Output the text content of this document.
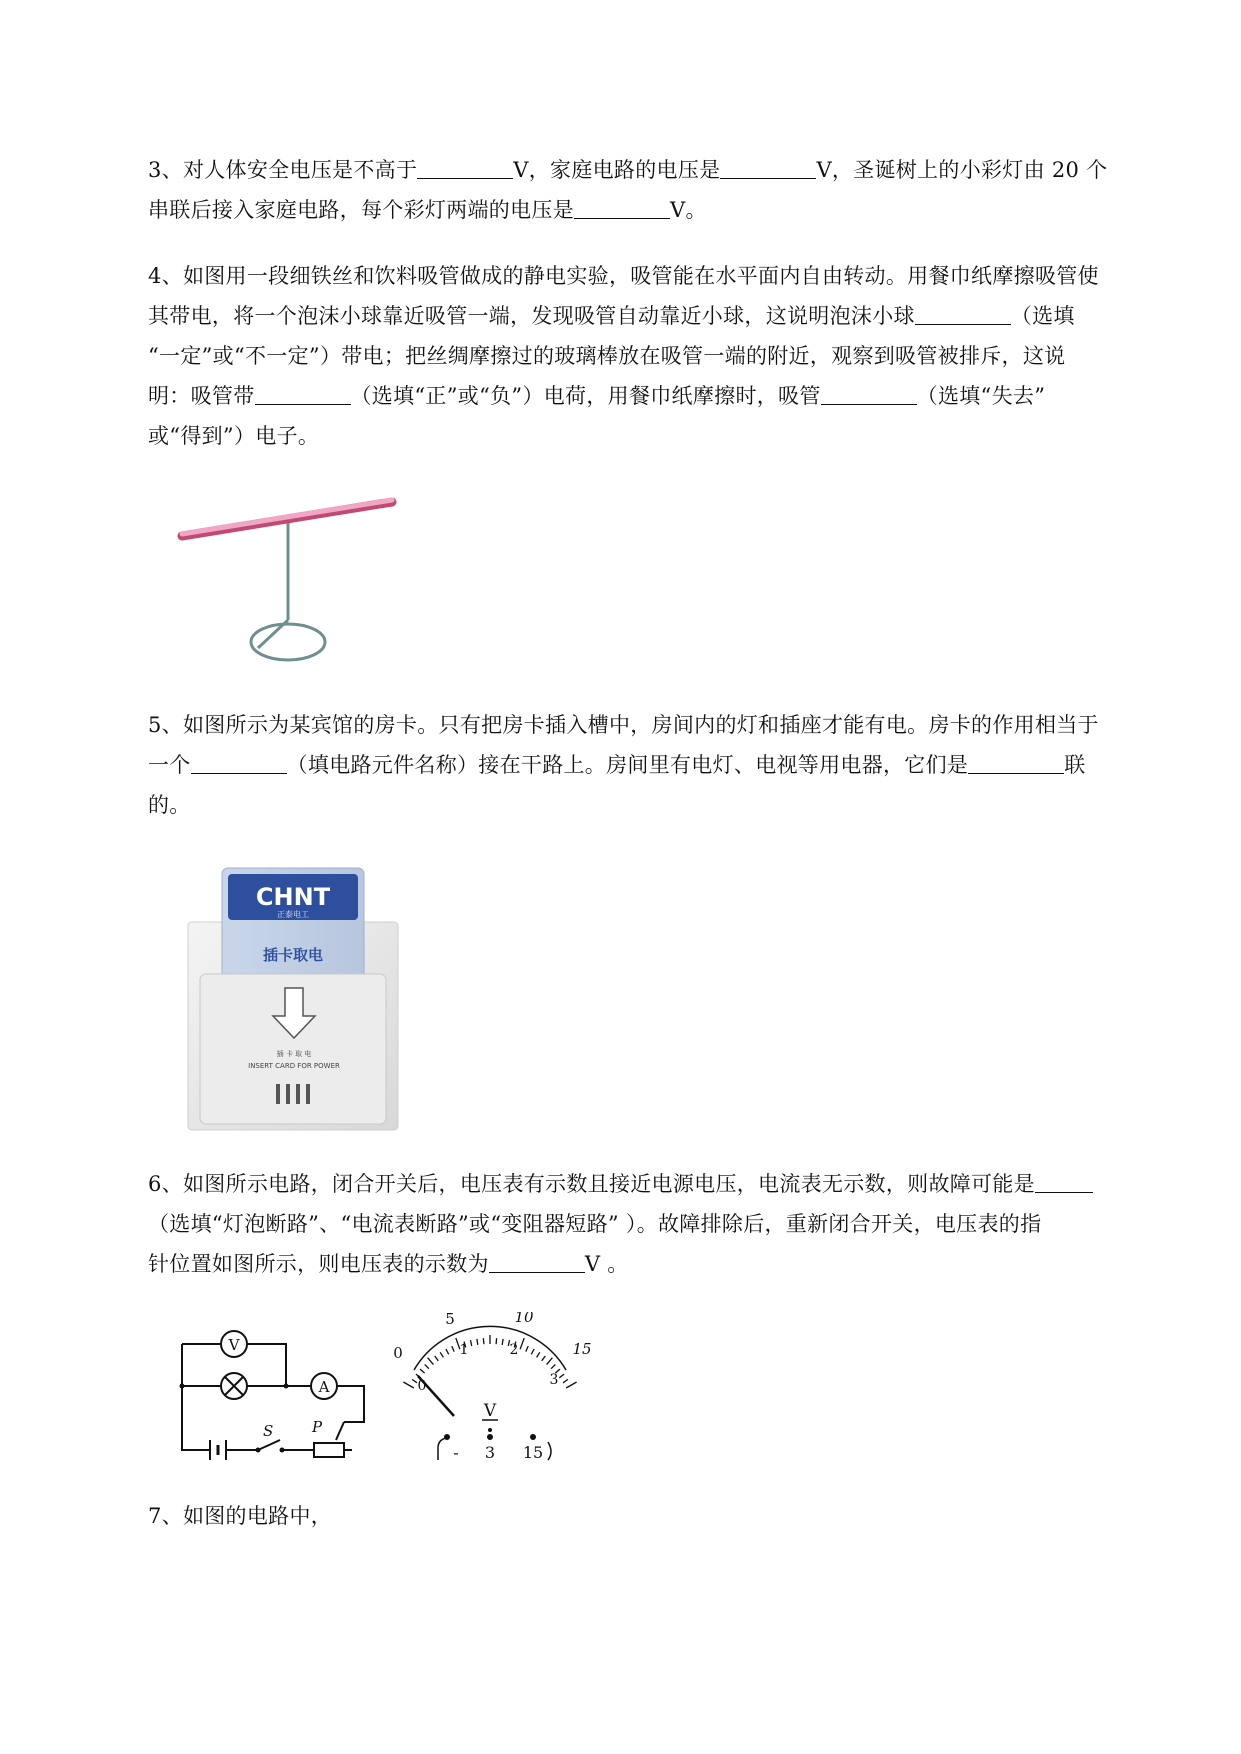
3、对人体安全电压是不高于	V，家庭电路的电压是	V，圣诞树上的小彩灯由 20 个
串联后接入家庭电路，每个彩灯两端的电压是	V。
4、如图用一段细铁丝和饮料吸管做成的静电实验，吸管能在水平面内自由转动。用餐巾纸摩擦吸管使
其带电，将一个泡沫小球靠近吸管一端，发现吸管自动靠近小球，这说明泡沫小球	（选填
“一定”或“不一定”）带电；把丝绸摩擦过的玻璃棒放在吸管一端的附近，观察到吸管被排斥，这说
明：吸管带	（选填“正”或“负”）电荷，用餐巾纸摩擦时，吸管	（选填“失去”
或“得到”）电子。
5、如图所示为某宾馆的房卡。只有把房卡插入槽中，房间内的灯和插座才能有电。房卡的作用相当于
一个	（填电路元件名称）接在干路上。房间里有电灯、电视等用电器，它们是	联
的。
CHNT
正泰电工
插卡取电
插 卡 取 电
INSERT CARD FOR POWER
6、如图所示电路，闭合开关后，电压表有示数且接近电源电压，电流表无示数，则故障可能是
（选填“灯泡断路”、“电流表断路”或“变阻器短路” ）。故障排除后，重新闭合开关，电压表的指
针位置如图所示，则电压表的示数为	V 。
V
A
S	P
V
- 3 15
0
5	10
15
0
1	2
3
7、如图的电路中，
